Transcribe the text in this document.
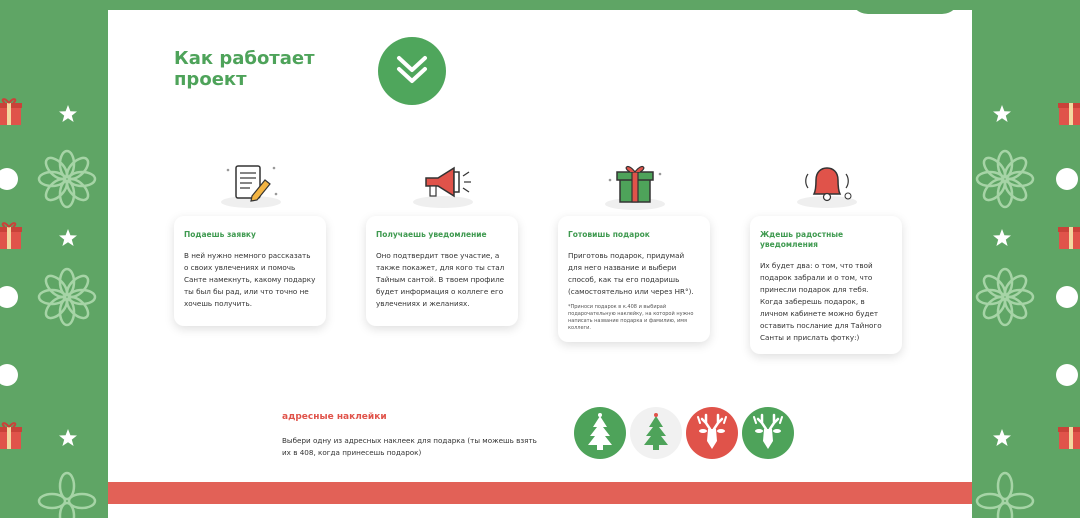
Как работает
проект

Подаешь заявку

В ней нужно немного рассказать о своих увлечениях и помочь Санте намекнуть, какому подарку ты был бы рад, или что точно не хочешь получить.

Получаешь уведомление

Оно подтвердит твое участие, а также покажет, для кого ты стал Тайным сантой. В твоем профиле будет информация о коллеге его увлечениях и желаниях.

Готовишь подарок

Приготовь подарок, придумай для него название и выбери способ, как ты его подаришь (самостоятельно или через HR°).

*Приноси подарок в к.408 и выбирай подарочательную наклейку, на которой нужно написать название подарка и фамилию, имя коллеги.

Ждешь радостные уведомления

Их будет два: о том, что твой подарок забрали и о том, что принесли подарок для тебя. Когда заберешь подарок, в личном кабинете можно будет оставить послание для Тайного Санты и прислать фотку:)

адресные наклейки

Выбери одну из адресных наклеек для подарка (ты можешь взять их в 408, когда принесешь подарок)
